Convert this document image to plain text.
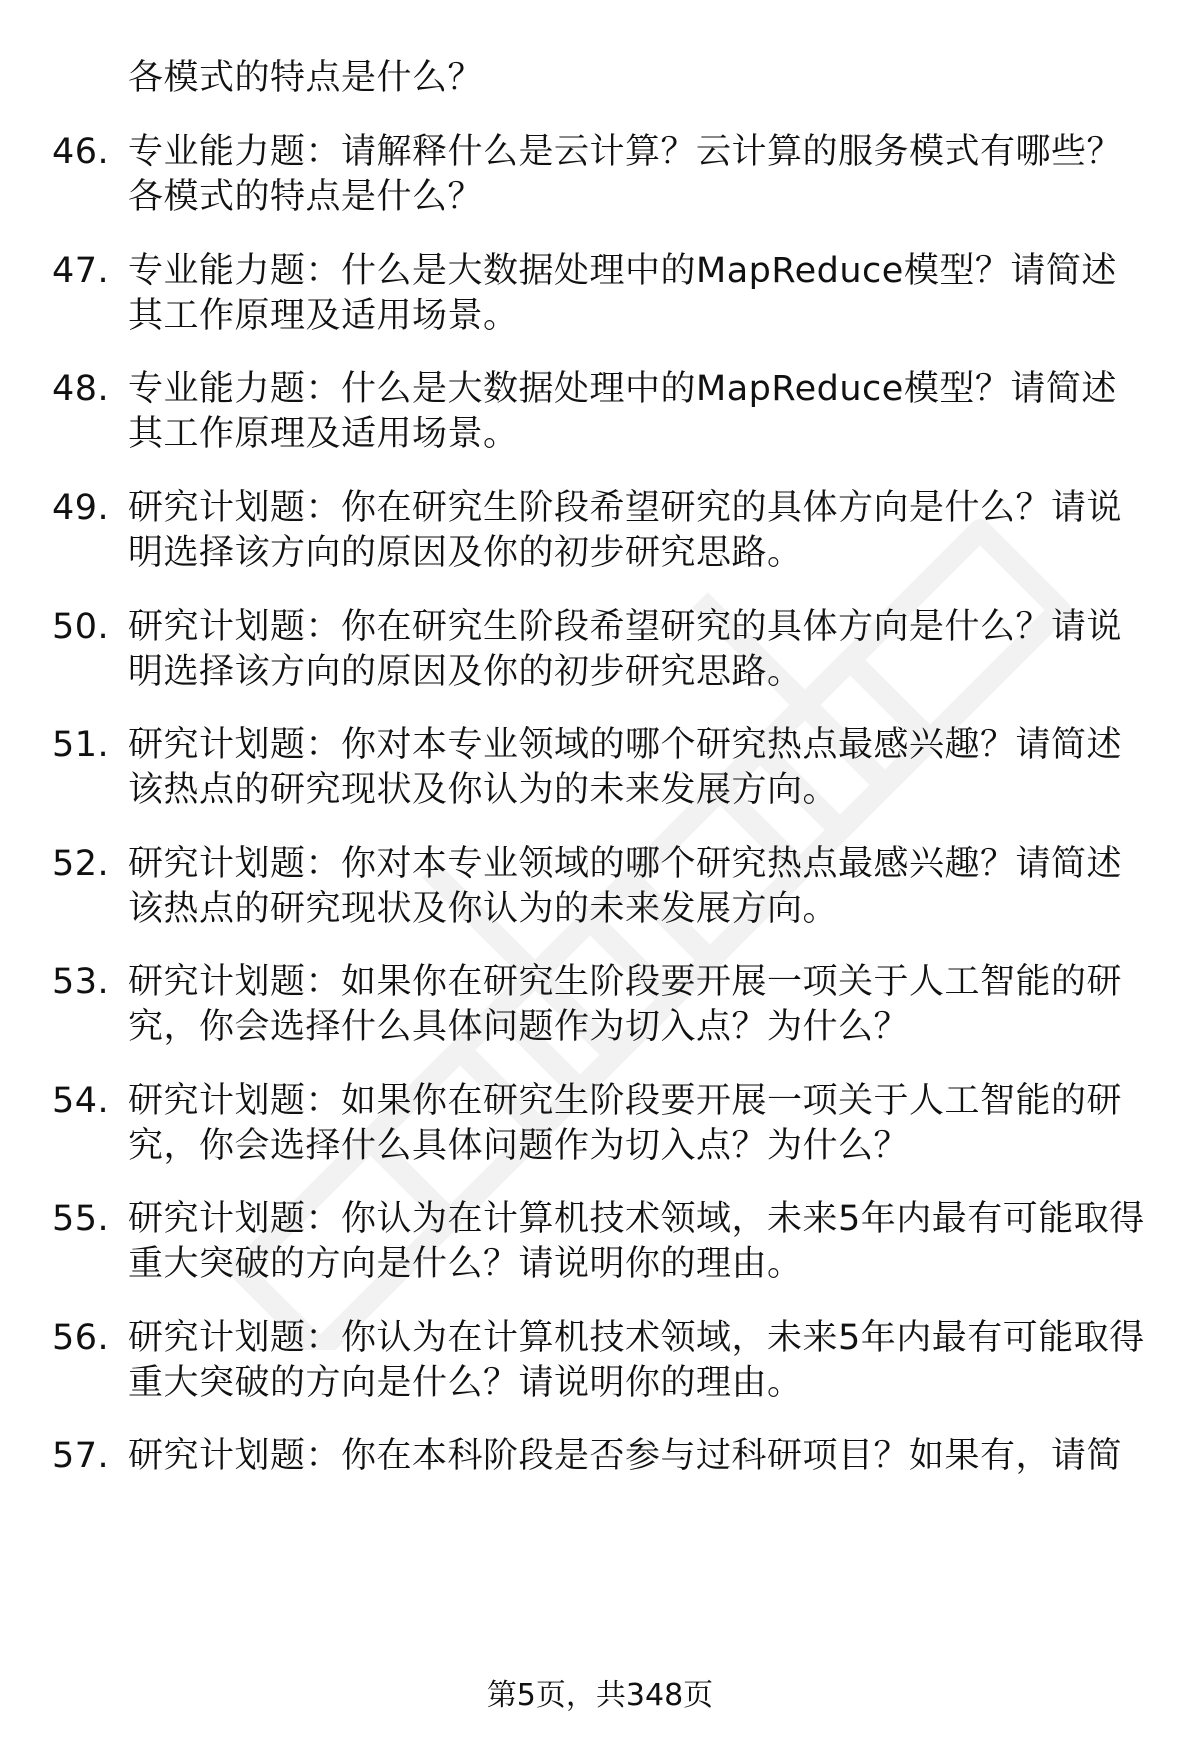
各模式的特点是什么？
46. 专业能力题：请解释什么是云计算？云计算的服务模式有哪些？
各模式的特点是什么？
47. 专业能力题：什么是大数据处理中的MapReduce模型？请简述
其工作原理及适用场景。
48. 专业能力题：什么是大数据处理中的MapReduce模型？请简述
其工作原理及适用场景。
49. 研究计划题：你在研究生阶段希望研究的具体方向是什么？请说
明选择该方向的原因及你的初步研究思路。
50. 研究计划题：你在研究生阶段希望研究的具体方向是什么？请说
明选择该方向的原因及你的初步研究思路。
51. 研究计划题：你对本专业领域的哪个研究热点最感兴趣？请简述
该热点的研究现状及你认为的未来发展方向。
52. 研究计划题：你对本专业领域的哪个研究热点最感兴趣？请简述
该热点的研究现状及你认为的未来发展方向。
53. 研究计划题：如果你在研究生阶段要开展一项关于人工智能的研
究，你会选择什么具体问题作为切入点？为什么？
54. 研究计划题：如果你在研究生阶段要开展一项关于人工智能的研
究，你会选择什么具体问题作为切入点？为什么？
55. 研究计划题：你认为在计算机技术领域，未来5年内最有可能取得
重大突破的方向是什么？请说明你的理由。
56. 研究计划题：你认为在计算机技术领域，未来5年内最有可能取得
重大突破的方向是什么？请说明你的理由。
57. 研究计划题：你在本科阶段是否参与过科研项目？如果有，请简
第5页，共348页
